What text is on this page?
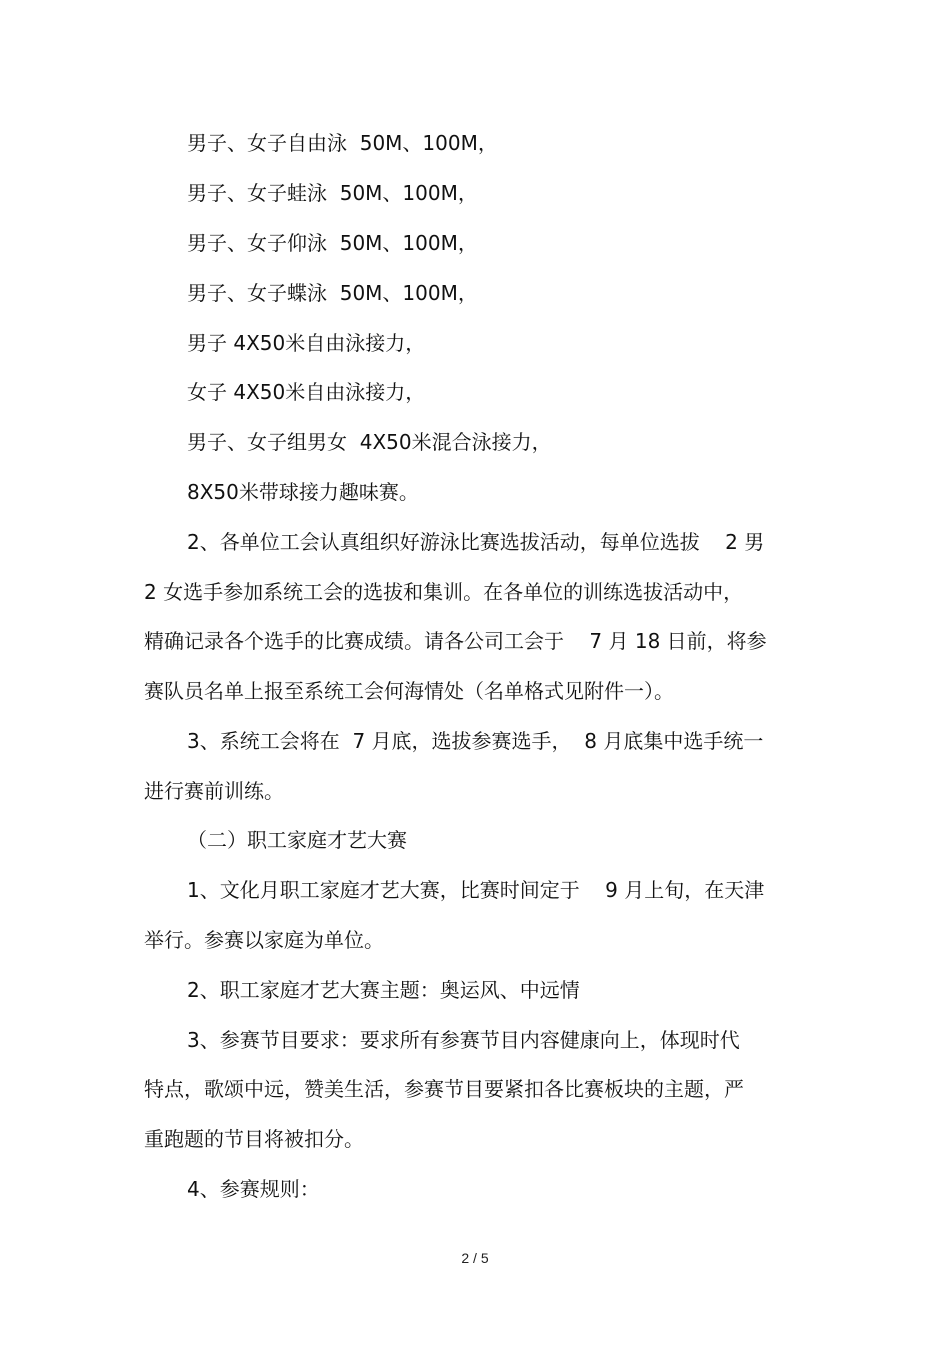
男子、女子自由泳  50M、100M，
男子、女子蛙泳  50M、100M，
男子、女子仰泳  50M、100M，
男子、女子蝶泳  50M、100M，
男子 4X50米自由泳接力，
女子 4X50米自由泳接力，
男子、女子组男女  4X50米混合泳接力，
8X50米带球接力趣味赛。
2、各单位工会认真组织好游泳比赛选拔活动，每单位选拔    2 男
2 女选手参加系统工会的选拔和集训。在各单位的训练选拔活动中，
精确记录各个选手的比赛成绩。请各公司工会于    7 月 18 日前，将参
赛队员名单上报至系统工会何海情处（名单格式见附件一）。
3、系统工会将在  7 月底，选拔参赛选手，  8 月底集中选手统一
进行赛前训练。
（二）职工家庭才艺大赛
1、文化月职工家庭才艺大赛，比赛时间定于    9 月上旬，在天津
举行。参赛以家庭为单位。
2、职工家庭才艺大赛主题：奥运风、中远情
3、参赛节目要求：要求所有参赛节目内容健康向上，体现时代
特点，歌颂中远，赞美生活，参赛节目要紧扣各比赛板块的主题，严
重跑题的节目将被扣分。
4、参赛规则：
2 / 5
